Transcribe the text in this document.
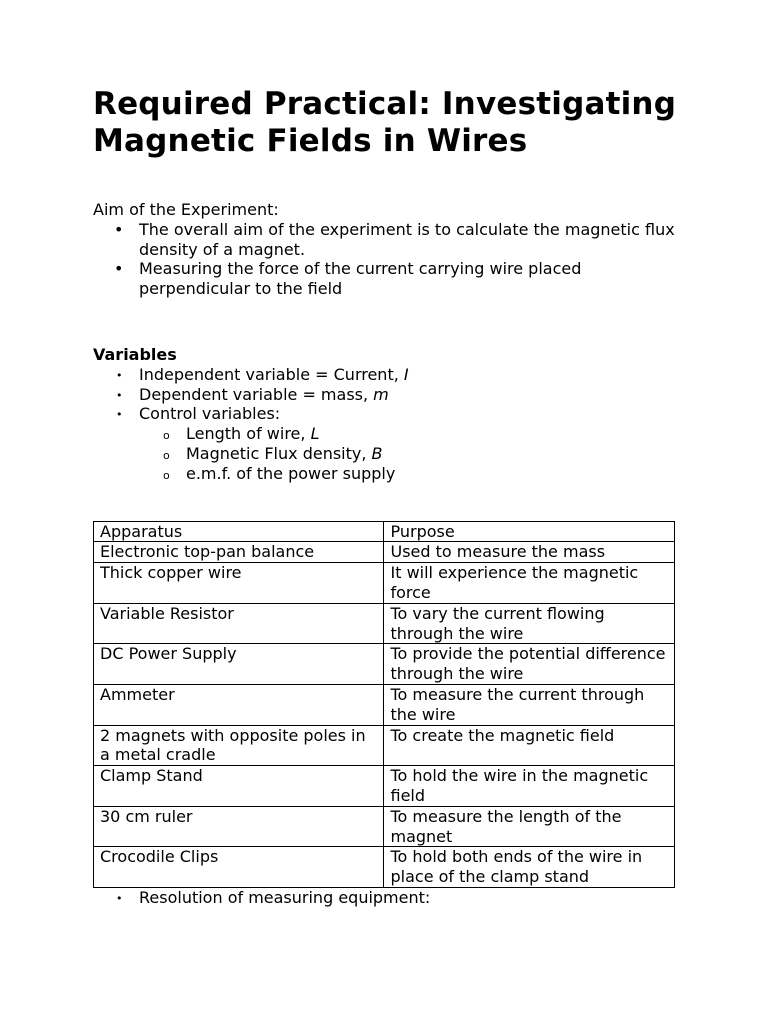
Required Practical: Investigating Magnetic Fields in Wires
Aim of the Experiment:
• The overall aim of the experiment is to calculate the magnetic flux density of a magnet.
• Measuring the force of the current carrying wire placed perpendicular to the field
Variables
• Independent variable = Current, I
• Dependent variable = mass, m
• Control variables:
o Length of wire, L
o Magnetic Flux density, B
o e.m.f. of the power supply
Apparatus	Purpose
Electronic top-pan balance	Used to measure the mass
Thick copper wire	It will experience the magnetic force
Variable Resistor	To vary the current flowing through the wire
DC Power Supply	To provide the potential difference through the wire
Ammeter	To measure the current through the wire
2 magnets with opposite poles in a metal cradle	To create the magnetic field
Clamp Stand	To hold the wire in the magnetic field
30 cm ruler	To measure the length of the magnet
Crocodile Clips	To hold both ends of the wire in place of the clamp stand
• Resolution of measuring equipment:
